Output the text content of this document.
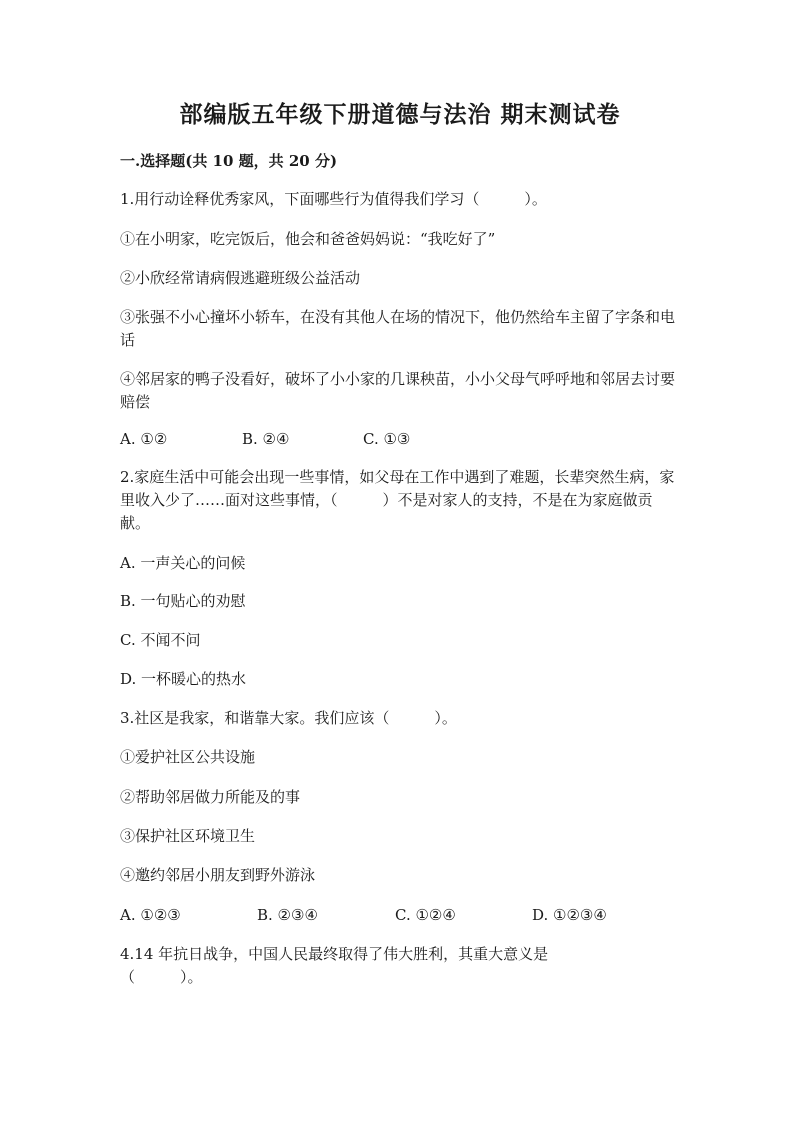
部编版五年级下册道德与法治 期末测试卷
一.选择题(共 10 题，共 20 分)
1.用行动诠释优秀家风，下面哪些行为值得我们学习（　　　）。
①在小明家，吃完饭后，他会和爸爸妈妈说：“我吃好了”
②小欣经常请病假逃避班级公益活动
③张强不小心撞坏小轿车，在没有其他人在场的情况下，他仍然给车主留了字条和电话
④邻居家的鸭子没看好，破坏了小小家的几课秧苗，小小父母气呼呼地和邻居去讨要赔偿
A. ①②	B. ②④	C. ①③
2.家庭生活中可能会出现一些事情，如父母在工作中遇到了难题，长辈突然生病，家里收入少了……面对这些事情，（　　　）不是对家人的支持，不是在为家庭做贡献。
A. 一声关心的问候
B. 一句贴心的劝慰
C. 不闻不问
D. 一杯暖心的热水
3.社区是我家，和谐靠大家。我们应该（　　　）。
①爱护社区公共设施
②帮助邻居做力所能及的事
③保护社区环境卫生
④邀约邻居小朋友到野外游泳
A. ①②③	B. ②③④	C. ①②④	D. ①②③④
4.14 年抗日战争，中国人民最终取得了伟大胜利，其重大意义是（　　　）。
